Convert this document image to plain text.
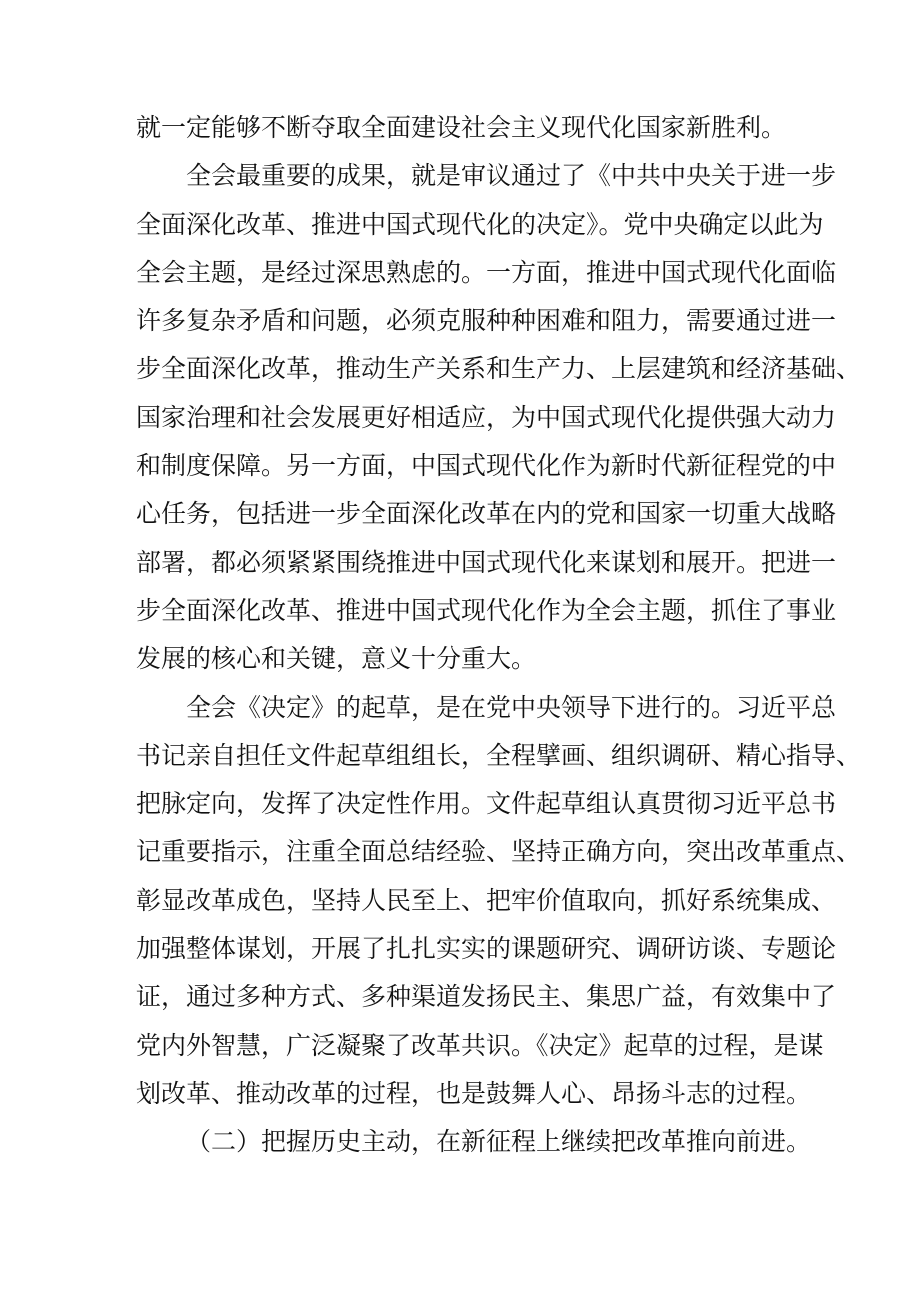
就一定能够不断夺取全面建设社会主义现代化国家新胜利。
全会最重要的成果，就是审议通过了《中共中央关于进一步
全面深化改革、推进中国式现代化的决定》。党中央确定以此为
全会主题，是经过深思熟虑的。一方面，推进中国式现代化面临
许多复杂矛盾和问题，必须克服种种困难和阻力，需要通过进一
步全面深化改革，推动生产关系和生产力、上层建筑和经济基础、
国家治理和社会发展更好相适应，为中国式现代化提供强大动力
和制度保障。另一方面，中国式现代化作为新时代新征程党的中
心任务，包括进一步全面深化改革在内的党和国家一切重大战略
部署，都必须紧紧围绕推进中国式现代化来谋划和展开。把进一
步全面深化改革、推进中国式现代化作为全会主题，抓住了事业
发展的核心和关键，意义十分重大。
全会《决定》的起草，是在党中央领导下进行的。习近平总
书记亲自担任文件起草组组长，全程擘画、组织调研、精心指导、
把脉定向，发挥了决定性作用。文件起草组认真贯彻习近平总书
记重要指示，注重全面总结经验、坚持正确方向，突出改革重点、
彰显改革成色，坚持人民至上、把牢价值取向，抓好系统集成、
加强整体谋划，开展了扎扎实实的课题研究、调研访谈、专题论
证，通过多种方式、多种渠道发扬民主、集思广益，有效集中了
党内外智慧，广泛凝聚了改革共识。《决定》起草的过程，是谋
划改革、推动改革的过程，也是鼓舞人心、昂扬斗志的过程。
（二）把握历史主动，在新征程上继续把改革推向前进。
